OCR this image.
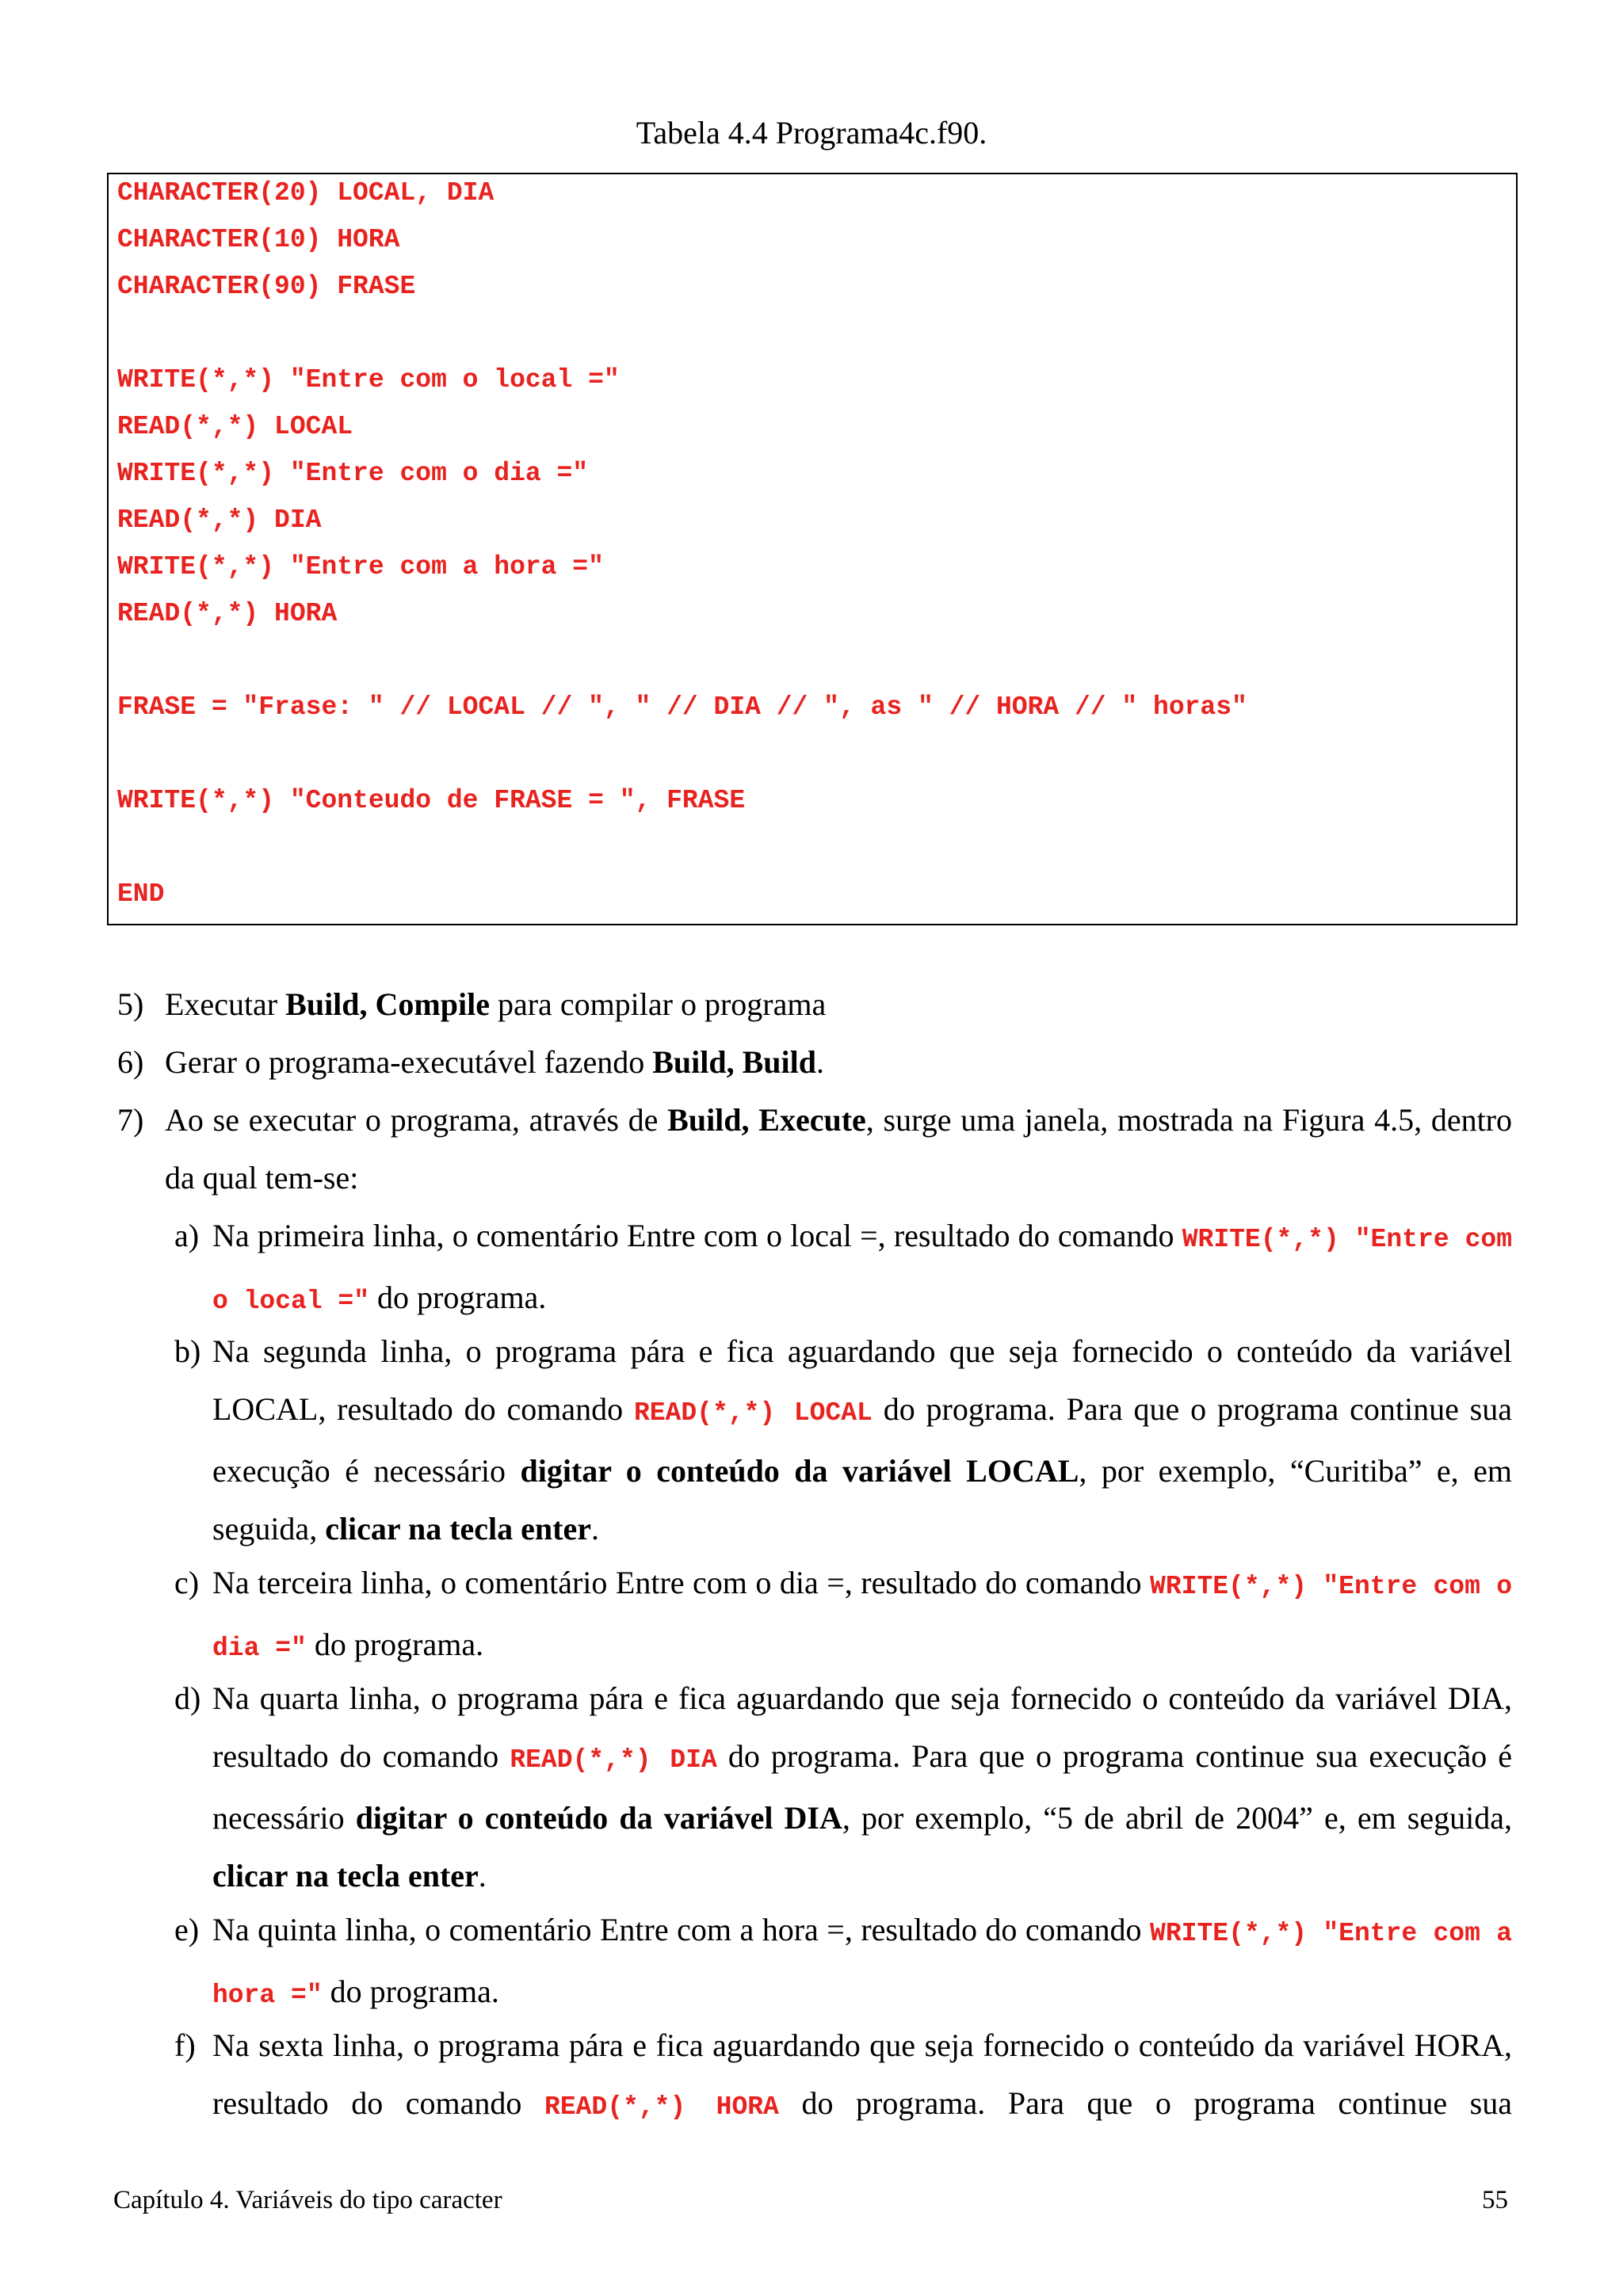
Tabela 4.4 Programa4c.f90.
CHARACTER(20) LOCAL, DIA
CHARACTER(10) HORA
CHARACTER(90) FRASE
WRITE(*,*) "Entre com o local ="
READ(*,*) LOCAL
WRITE(*,*) "Entre com o dia ="
READ(*,*) DIA
WRITE(*,*) "Entre com a hora ="
READ(*,*) HORA
FRASE = "Frase: " // LOCAL // ", " // DIA // ", as " // HORA // " horas"
WRITE(*,*) "Conteudo de FRASE = ", FRASE
END
5) Executar Build, Compile para compilar o programa
6) Gerar o programa-executável fazendo Build, Build.
7) Ao se executar o programa, através de Build, Execute, surge uma janela, mostrada na Figura 4.5, dentro da qual tem-se:
a) Na primeira linha, o comentário Entre com o local =, resultado do comando WRITE(*,*) "Entre com o local =" do programa.
b) Na segunda linha, o programa pára e fica aguardando que seja fornecido o conteúdo da variável LOCAL, resultado do comando READ(*,*) LOCAL do programa. Para que o programa continue sua execução é necessário digitar o conteúdo da variável LOCAL, por exemplo, “Curitiba” e, em seguida, clicar na tecla enter.
c) Na terceira linha, o comentário Entre com o dia =, resultado do comando WRITE(*,*) "Entre com o dia =" do programa.
d) Na quarta linha, o programa pára e fica aguardando que seja fornecido o conteúdo da variável DIA, resultado do comando READ(*,*) DIA do programa. Para que o programa continue sua execução é necessário digitar o conteúdo da variável DIA, por exemplo, “5 de abril de 2004” e, em seguida, clicar na tecla enter.
e) Na quinta linha, o comentário Entre com a hora =, resultado do comando WRITE(*,*) "Entre com a hora =" do programa.
f) Na sexta linha, o programa pára e fica aguardando que seja fornecido o conteúdo da variável HORA, resultado do comando READ(*,*) HORA do programa. Para que o programa continue sua
Capítulo 4. Variáveis do tipo caracter	55
